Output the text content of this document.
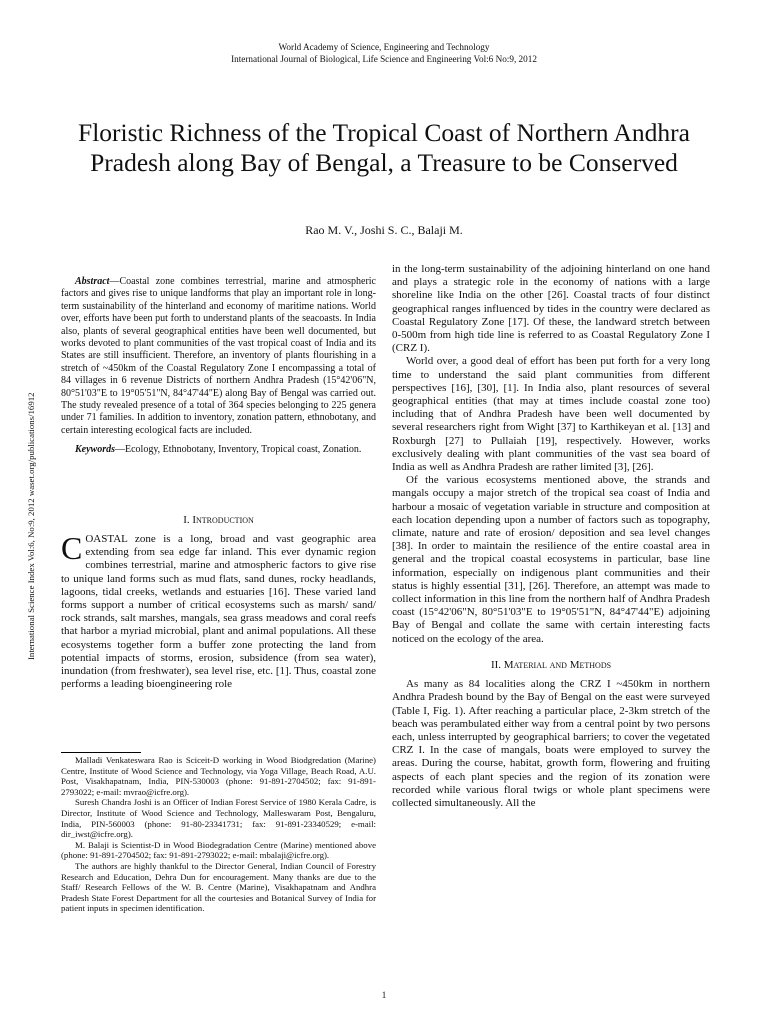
World Academy of Science, Engineering and Technology
International Journal of Biological, Life Science and Engineering Vol:6 No:9, 2012
Floristic Richness of the Tropical Coast of Northern Andhra Pradesh along Bay of Bengal, a Treasure to be Conserved
Rao M. V., Joshi S. C., Balaji M.
International Science Index Vol:6, No:9, 2012 waset.org/publications/16912

Abstract—Coastal zone combines terrestrial, marine and atmospheric factors and gives rise to unique landforms that play an important role in long-term sustainability of the hinterland and economy of maritime nations. World over, efforts have been put forth to understand plants of the seacoasts. In India also, plants of several geographical entities have been well documented, but works devoted to plant communities of the vast tropical coast of India and its States are still insufficient. Therefore, an inventory of plants flourishing in a stretch of ~450km of the Coastal Regulatory Zone I encompassing a total of 84 villages in 6 revenue Districts of northern Andhra Pradesh (15°42'06"N, 80°51'03"E to 19°05'51"N, 84°47'44"E) along Bay of Bengal was carried out. The study revealed presence of a total of 364 species belonging to 225 genera under 71 families. In addition to inventory, zonation pattern, ethnobotany, and certain interesting ecological facts are included.

Keywords—Ecology, Ethnobotany, Inventory, Tropical coast, Zonation.

I. Introduction

COASTAL zone is a long, broad and vast geographic area extending from sea edge far inland. This ever dynamic region combines terrestrial, marine and atmospheric factors to give rise to unique land forms such as mud flats, sand dunes, rocky headlands, lagoons, tidal creeks, wetlands and estuaries [16]. These varied land forms support a number of critical ecosystems such as marsh/ sand/ rock strands, salt marshes, mangals, sea grass meadows and coral reefs that harbor a myriad microbial, plant and animal populations. All these ecosystems together form a buffer zone protecting the land from potential impacts of storms, erosion, subsidence (from sea water), inundation (from freshwater), sea level rise, etc. [1]. Thus, coastal zone performs a leading bioengineering role

Malladi Venkateswara Rao is Sciceit-D working in Wood Biodgredation (Marine) Centre, Institute of Wood Science and Technology, via Yoga Village, Beach Road, A.U. Post, Visakhapatnam, India, PIN-530003 (phone: 91-891-2704502; fax: 91-891-2793022; e-mail: mvrao@icfre.org).

Suresh Chandra Joshi is an Officer of Indian Forest Service of 1980 Kerala Cadre, is Director, Institute of Wood Science and Technology, Malleswaram Post, Bengaluru, India, PIN-560003 (phone: 91-80-23341731; fax: 91-891-23340529; e-mail: dir_iwst@icfre.org).

M. Balaji is Scientist-D in Wood Biodegradation Centre (Marine) mentioned above (phone: 91-891-2704502; fax: 91-891-2793022; e-mail: mbalaji@icfre.org).

The authors are highly thankful to the Director General, Indian Council of Forestry Research and Education, Dehra Dun for encouragement. Many thanks are due to the Staff/ Research Fellows of the W. B. Centre (Marine), Visakhapatnam and Andhra Pradesh State Forest Department for all the courtesies and Botanical Survey of India for patient inputs in specimen identification.

in the long-term sustainability of the adjoining hinterland on one hand and plays a strategic role in the economy of nations with a large shoreline like India on the other [26]. Coastal tracts of four distinct geographical ranges influenced by tides in the country were declared as Coastal Regulatory Zone [17]. Of these, the landward stretch between 0-500m from high tide line is referred to as Coastal Regulatory Zone I (CRZ I).

World over, a good deal of effort has been put forth for a very long time to understand the said plant communities from different perspectives [16], [30], [1]. In India also, plant resources of several geographical entities (that may at times include coastal zone too) including that of Andhra Pradesh have been well documented by several researchers right from Wight [37] to Karthikeyan et al. [13] and Roxburgh [27] to Pullaiah [19], respectively. However, works exclusively dealing with plant communities of the vast sea board of India as well as Andhra Pradesh are rather limited [3], [26].

Of the various ecosystems mentioned above, the strands and mangals occupy a major stretch of the tropical sea coast of India and harbour a mosaic of vegetation variable in structure and composition at each location depending upon a number of factors such as topography, climate, nature and rate of erosion/ deposition and sea level changes [38]. In order to maintain the resilience of the entire coastal area in general and the tropical coastal ecosystems in particular, base line information, especially on indigenous plant communities and their status is highly essential [31], [26]. Therefore, an attempt was made to collect information in this line from the northern half of Andhra Pradesh coast (15°42'06"N, 80°51'03"E to 19°05'51"N, 84°47'44"E) adjoining Bay of Bengal and collate the same with certain interesting facts noticed on the ecology of the area.

II. Material and Methods

As many as 84 localities along the CRZ I ~450km in northern Andhra Pradesh bound by the Bay of Bengal on the east were surveyed (Table I, Fig. 1). After reaching a particular place, 2-3km stretch of the beach was perambulated either way from a central point by two persons each, unless interrupted by geographical barriers; to cover the vegetated CRZ I. In the case of mangals, boats were employed to survey the areas. During the course, habitat, growth form, flowering and fruiting aspects of each plant species and the region of its zonation were recorded while various floral twigs or whole plant specimens were collected simultaneously. All the

1
